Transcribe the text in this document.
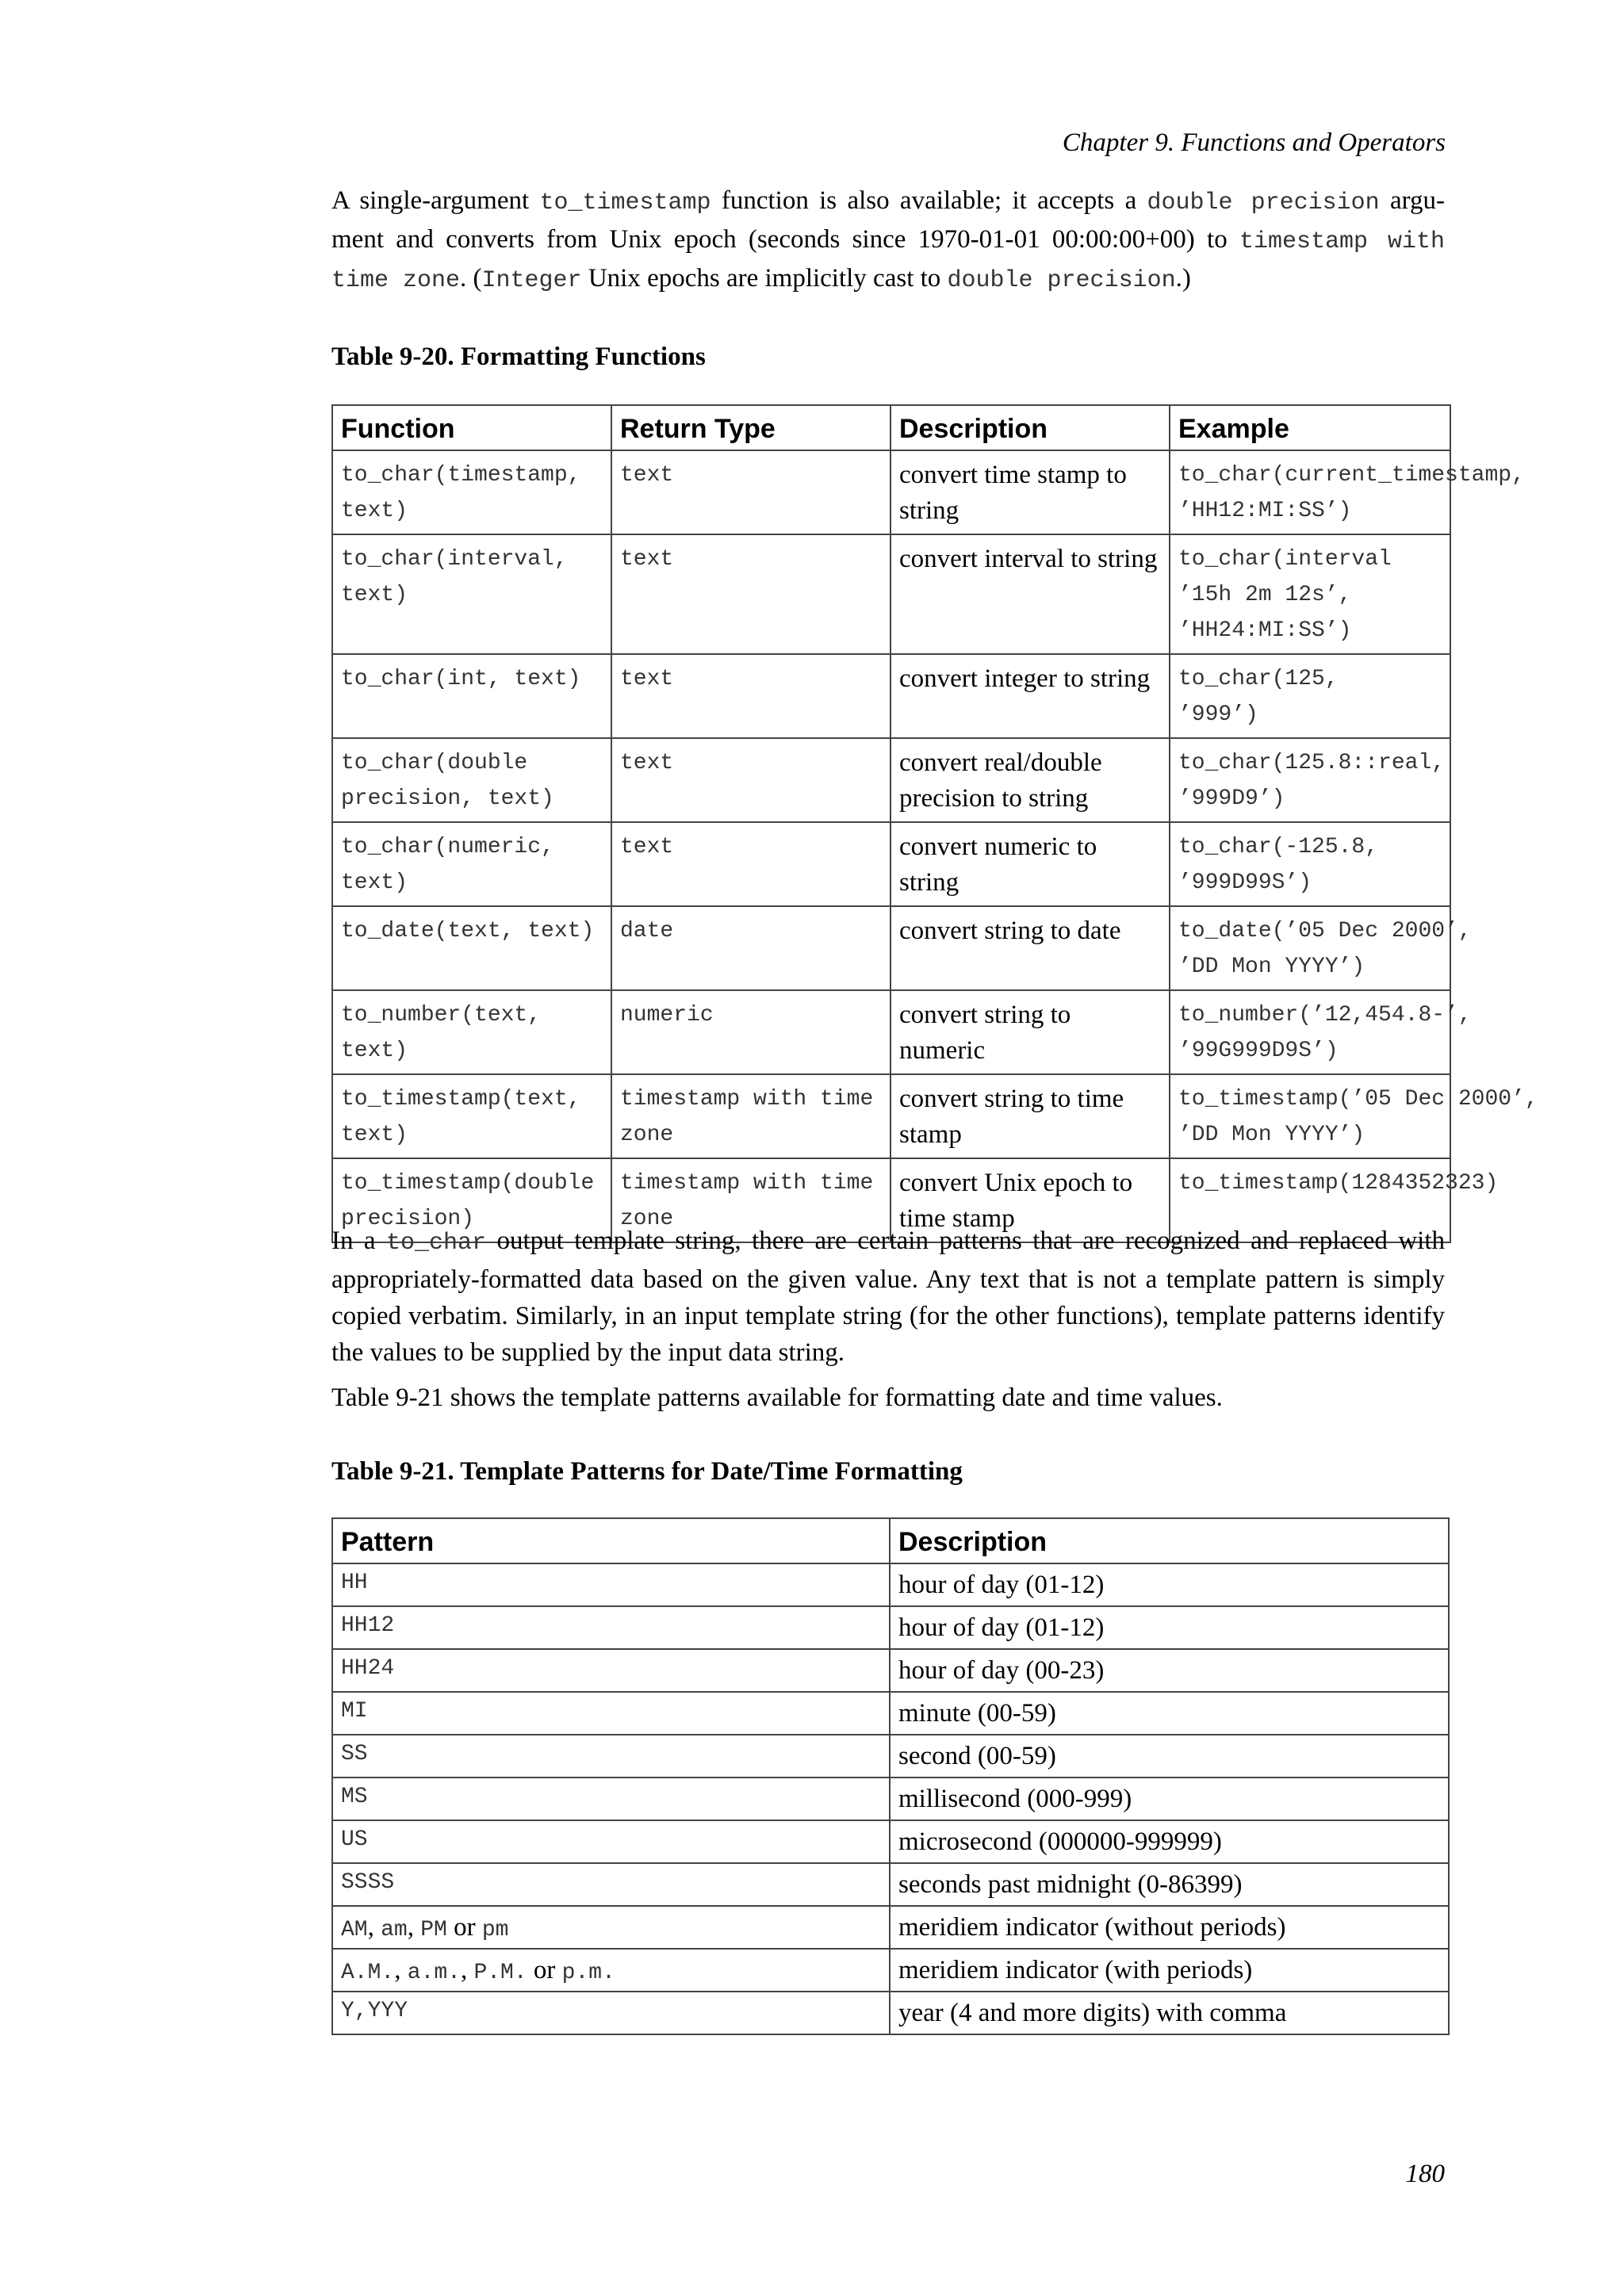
Chapter 9. Functions and Operators

A single-argument to_timestamp function is also available; it accepts a double precision argu-ment and converts from Unix epoch (seconds since 1970-01-01 00:00:00+00) to timestamp with time zone. (Integer Unix epochs are implicitly cast to double precision.)

Table 9-20. Formatting Functions
Function	Return Type	Description	Example
to_char(timestamp, text)	text	convert time stamp to string	to_char(current_timestamp,
’HH12:MI:SS’)
to_char(interval, text)	text	convert interval to string	to_char(interval
’15h 2m 12s’,
’HH24:MI:SS’)
to_char(int, text)	text	convert integer to string	to_char(125,
’999’)
to_char(double precision, text)	text	convert real/double precision to string	to_char(125.8::real,
’999D9’)
to_char(numeric, text)	text	convert numeric to string	to_char(-125.8,
’999D99S’)
to_date(text, text)	date	convert string to date	to_date(’05 Dec 2000’,
’DD Mon YYYY’)
to_number(text, text)	numeric	convert string to numeric	to_number(’12,454.8-’,
’99G999D9S’)
to_timestamp(text, text)	timestamp with time zone	convert string to time stamp	to_timestamp(’05 Dec 2000’,
’DD Mon YYYY’)
to_timestamp(double precision)	timestamp with time zone	convert Unix epoch to time stamp	to_timestamp(1284352323)

In a to_char output template string, there are certain patterns that are recognized and replaced with appropriately-formatted data based on the given value. Any text that is not a template pattern is simply copied verbatim. Similarly, in an input template string (for the other functions), template patterns identify the values to be supplied by the input data string.

Table 9-21 shows the template patterns available for formatting date and time values.

Table 9-21. Template Patterns for Date/Time Formatting
Pattern	Description
HH	hour of day (01-12)
HH12	hour of day (01-12)
HH24	hour of day (00-23)
MI	minute (00-59)
SS	second (00-59)
MS	millisecond (000-999)
US	microsecond (000000-999999)
SSSS	seconds past midnight (0-86399)
AM, am, PM or pm	meridiem indicator (without periods)
A.M., a.m., P.M. or p.m.	meridiem indicator (with periods)
Y,YYY	year (4 and more digits) with comma
180
